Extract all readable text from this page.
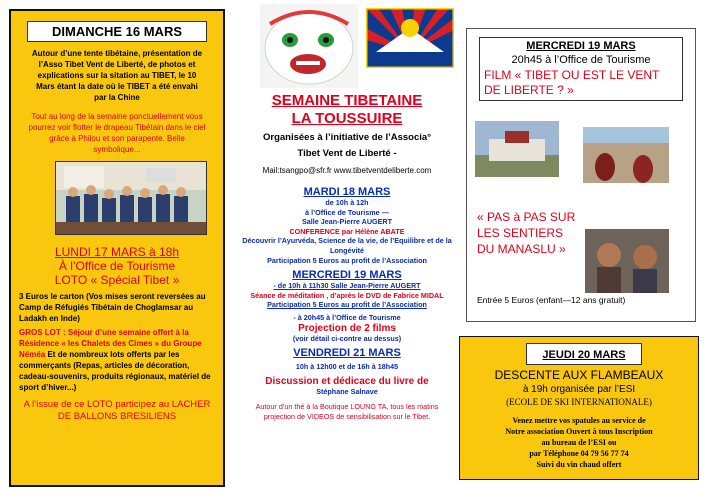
DIMANCHE 16 MARS
Autour d’une tente tibétaine, présentation de l’Asso Tibet Vent de Liberté, de photos et explications sur la sitation au TIBET, le 10 Mars étant la date où le TIBET a été envahi par la Chine
Tout au long de la semaine ponctuellement vous pourrez voir flotter le drapeau Tibétain dans le ciel grâce à Philou et son parapente. Belle symbolique...
LUNDI 17 MARS à 18h
À l’Office de Tourisme
LOTO « Spécial Tibet »
3 Euros le carton (Vos mises seront reversées au Camp de Réfugiés Tibétain de Choglamsar au Ladakh en Inde)
GROS LOT : Séjour d’une semaine offert à la Résidence « les Chalets des Cimes » du Groupe Néméa Et de nombreux lots offerts par les commerçants (Repas, articles de décoration, cadeau-souvenirs, produits régionaux, matériel de sport d’hiver...)
A l’issue de ce LOTO participez au LACHER DE BALLONS BRESILIENS
SEMAINE TIBETAINE
LA TOUSSUIRE
Organisées à l’initiative de l’Associa°
Tibet Vent de Liberté -
Mail:tsangpo@sfr.fr www.tibetventdeliberte.com
MARDI 18 MARS
de 10h à 12h
à l’Office de Tourisme —
Salle Jean-Pierre AUGERT
CONFERENCE par Hélène ABATE
Découvrir l’Ayurvéda, Science de la vie, de l’Equilibre et de la Longévité
Participation 5 Euros au profit de l’Association
MERCREDI 19 MARS
- de 10h à 11h30 Salle Jean-Pierre AUGERT
Séance de méditation , d’après le DVD de Fabrice MIDAL
Participation 5 Euros au profit de l’Association
- à 20h45 à l’Office de Tourisme
Projection de 2 films
(voir détail ci-contre au dessus)
VENDREDI 21 MARS
10h à 12h00 et de 16h à 18h45
Discussion et dédicace du livre de
Stéphane Salnave
Autour d’un thé à la Boutique LOUNG TA, tous les matins projection de VIDEOS de sensibilisation sur le Tibet.
MERCREDI 19 MARS
20h45 à l’Office de Tourisme
FILM « TIBET OU EST LE VENT DE LIBERTE ? »
« PAS à PAS SUR LES SENTIERS DU MANASLU »
Entrée 5 Euros (enfant—12 ans gratuit)
JEUDI 20 MARS
DESCENTE AUX FLAMBEAUX
à 19h organisée par l’ESI
(ECOLE DE SKI INTERNATIONALE)
Venez mettre vos spatules au service de
Notre association Ouvert à tous Inscription
au bureau de l’ESI ou
par Téléphone 04 79 56 77 74
Suivi du vin chaud offert
